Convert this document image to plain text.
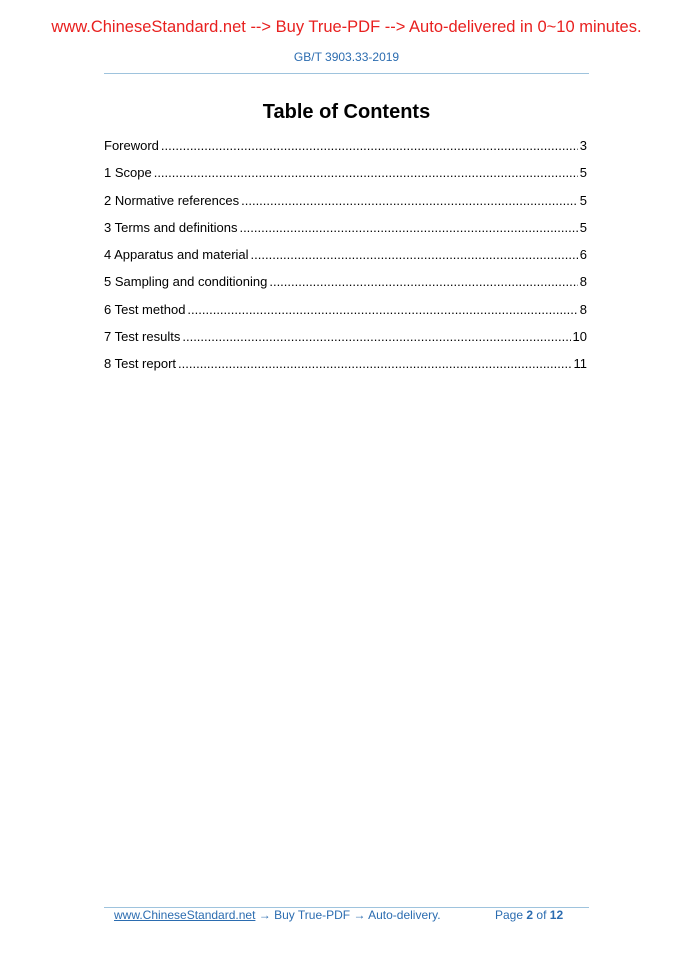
www.ChineseStandard.net --> Buy True-PDF --> Auto-delivered in 0~10 minutes.
GB/T 3903.33-2019
Table of Contents
Foreword .....	3
1 Scope .....	5
2 Normative references .....	5
3 Terms and definitions .....	5
4 Apparatus and material .....	6
5 Sampling and conditioning .....	8
6 Test method .....	8
7 Test results .....	10
8 Test report .....	11
www.ChineseStandard.net → Buy True-PDF → Auto-delivery.	Page 2 of 12
